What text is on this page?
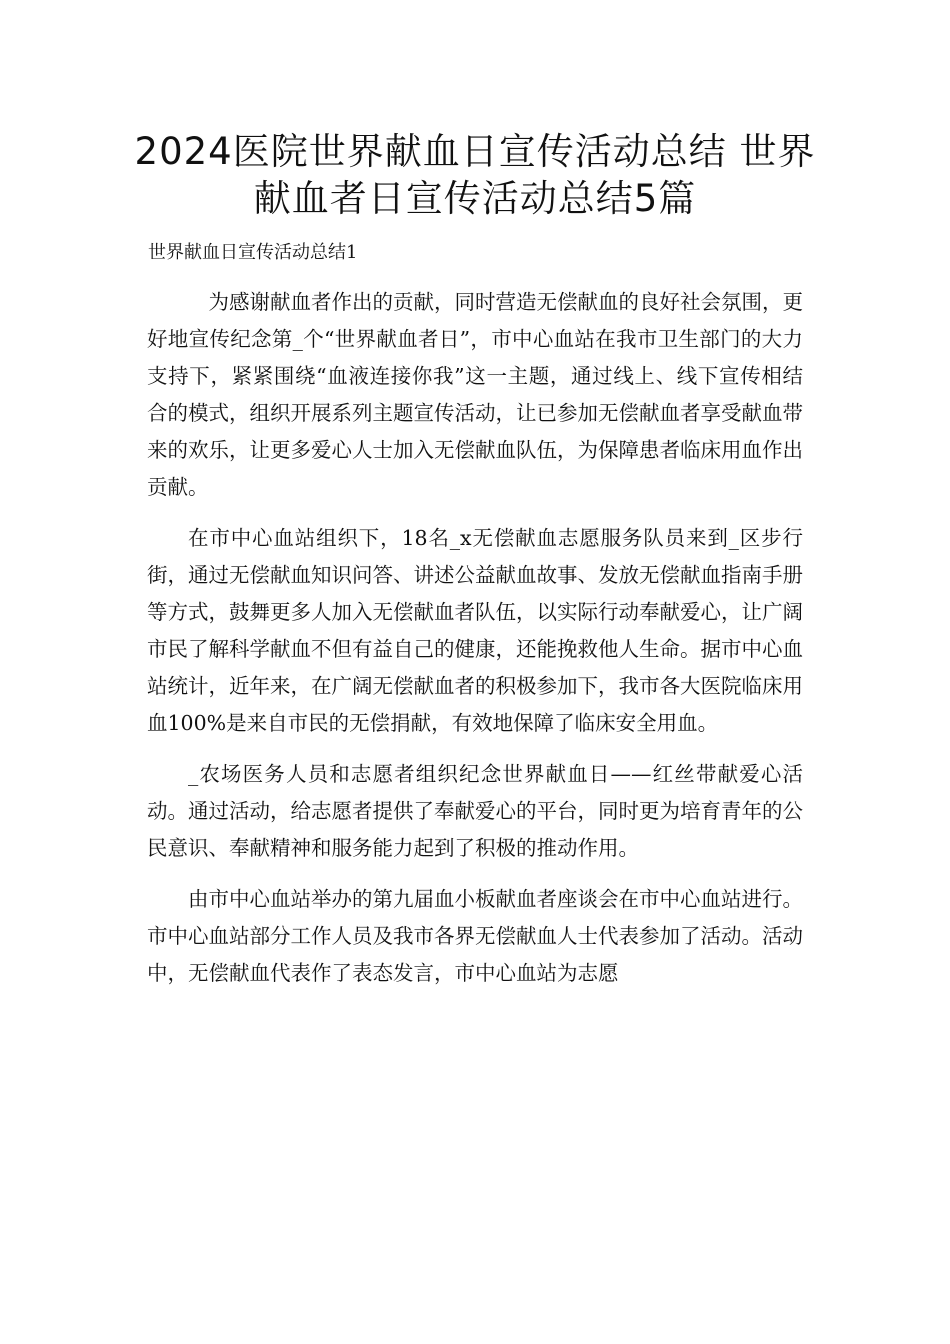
2024医院世界献血日宣传活动总结 世界献血者日宣传活动总结5篇
世界献血日宣传活动总结1

为感谢献血者作出的贡献，同时营造无偿献血的良好社会氛围，更好地宣传纪念第_个“世界献血者日”，市中心血站在我市卫生部门的大力支持下，紧紧围绕“血液连接你我”这一主题，通过线上、线下宣传相结合的模式，组织开展系列主题宣传活动，让已参加无偿献血者享受献血带来的欢乐，让更多爱心人士加入无偿献血队伍，为保障患者临床用血作出贡献。

在市中心血站组织下，18名_x无偿献血志愿服务队员来到_区步行街，通过无偿献血知识问答、讲述公益献血故事、发放无偿献血指南手册等方式，鼓舞更多人加入无偿献血者队伍，以实际行动奉献爱心，让广阔市民了解科学献血不但有益自己的健康，还能挽救他人生命。据市中心血站统计，近年来，在广阔无偿献血者的积极参加下，我市各大医院临床用血100%是来自市民的无偿捐献，有效地保障了临床安全用血。

_农场医务人员和志愿者组织纪念世界献血日——红丝带献爱心活动。通过活动，给志愿者提供了奉献爱心的平台，同时更为培育青年的公民意识、奉献精神和服务能力起到了积极的推动作用。

由市中心血站举办的第九届血小板献血者座谈会在市中心血站进行。市中心血站部分工作人员及我市各界无偿献血人士代表参加了活动。活动中，无偿献血代表作了表态发言，市中心血站为志愿
